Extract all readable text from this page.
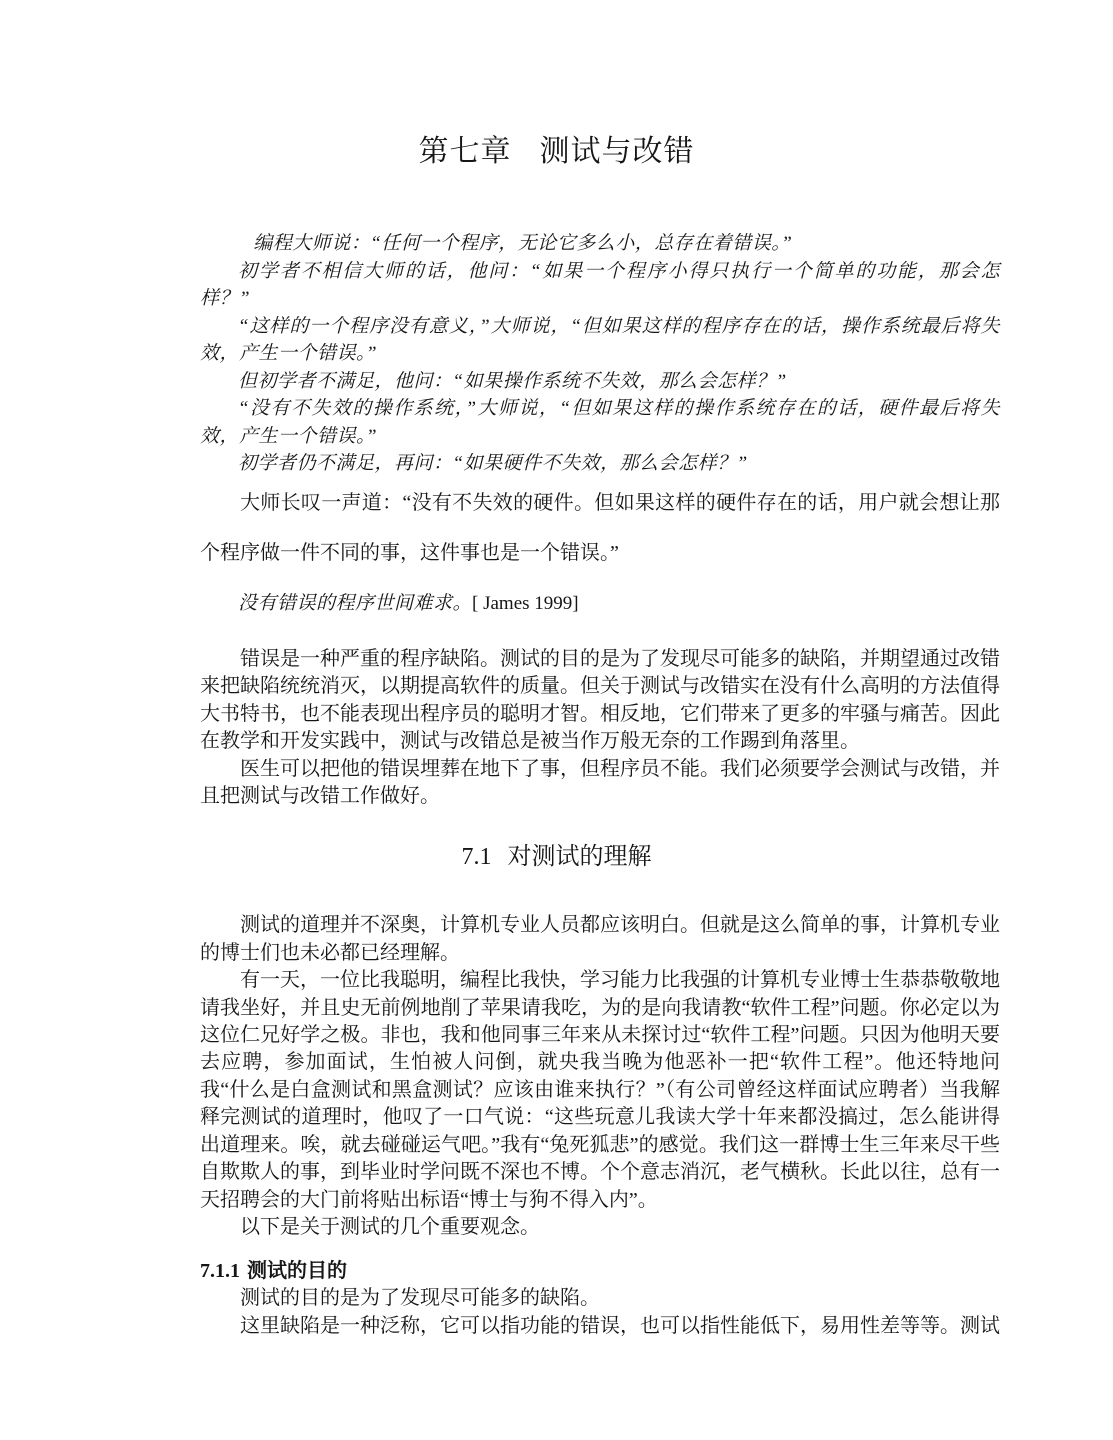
第七章 测试与改错

编程大师说：“任何一个程序，无论它多么小，总存在着错误。”

初学者不相信大师的话，他问：“如果一个程序小得只执行一个简单的功能，那会怎样？”

“这样的一个程序没有意义，”大师说，“但如果这样的程序存在的话，操作系统最后将失效，产生一个错误。”

但初学者不满足，他问：“如果操作系统不失效，那么会怎样？”

“没有不失效的操作系统，”大师说，“但如果这样的操作系统存在的话，硬件最后将失效，产生一个错误。”

初学者仍不满足，再问：“如果硬件不失效，那么会怎样？”

大师长叹一声道：“没有不失效的硬件。但如果这样的硬件存在的话，用户就会想让那个程序做一件不同的事，这件事也是一个错误。”

没有错误的程序世间难求。[ James 1999]

错误是一种严重的程序缺陷。测试的目的是为了发现尽可能多的缺陷，并期望通过改错来把缺陷统统消灭，以期提高软件的质量。但关于测试与改错实在没有什么高明的方法值得大书特书，也不能表现出程序员的聪明才智。相反地，它们带来了更多的牢骚与痛苦。因此在教学和开发实践中，测试与改错总是被当作万般无奈的工作踢到角落里。

医生可以把他的错误埋葬在地下了事，但程序员不能。我们必须要学会测试与改错，并且把测试与改错工作做好。

7.1 对测试的理解

测试的道理并不深奥，计算机专业人员都应该明白。但就是这么简单的事，计算机专业的博士们也未必都已经理解。

有一天，一位比我聪明，编程比我快，学习能力比我强的计算机专业博士生恭恭敬敬地请我坐好，并且史无前例地削了苹果请我吃，为的是向我请教“软件工程”问题。你必定以为这位仁兄好学之极。非也，我和他同事三年来从未探讨过“软件工程”问题。只因为他明天要去应聘，参加面试，生怕被人问倒，就央我当晚为他恶补一把“软件工程”。他还特地问我“什么是白盒测试和黑盒测试？应该由谁来执行？”（有公司曾经这样面试应聘者）当我解释完测试的道理时，他叹了一口气说：“这些玩意儿我读大学十年来都没搞过，怎么能讲得出道理来。唉，就去碰碰运气吧。”我有“兔死狐悲”的感觉。我们这一群博士生三年来尽干些自欺欺人的事，到毕业时学问既不深也不博。个个意志消沉，老气横秋。长此以往，总有一天招聘会的大门前将贴出标语“博士与狗不得入内”。

以下是关于测试的几个重要观念。

7.1.1 测试的目的

测试的目的是为了发现尽可能多的缺陷。

这里缺陷是一种泛称，它可以指功能的错误，也可以指性能低下，易用性差等等。测试
